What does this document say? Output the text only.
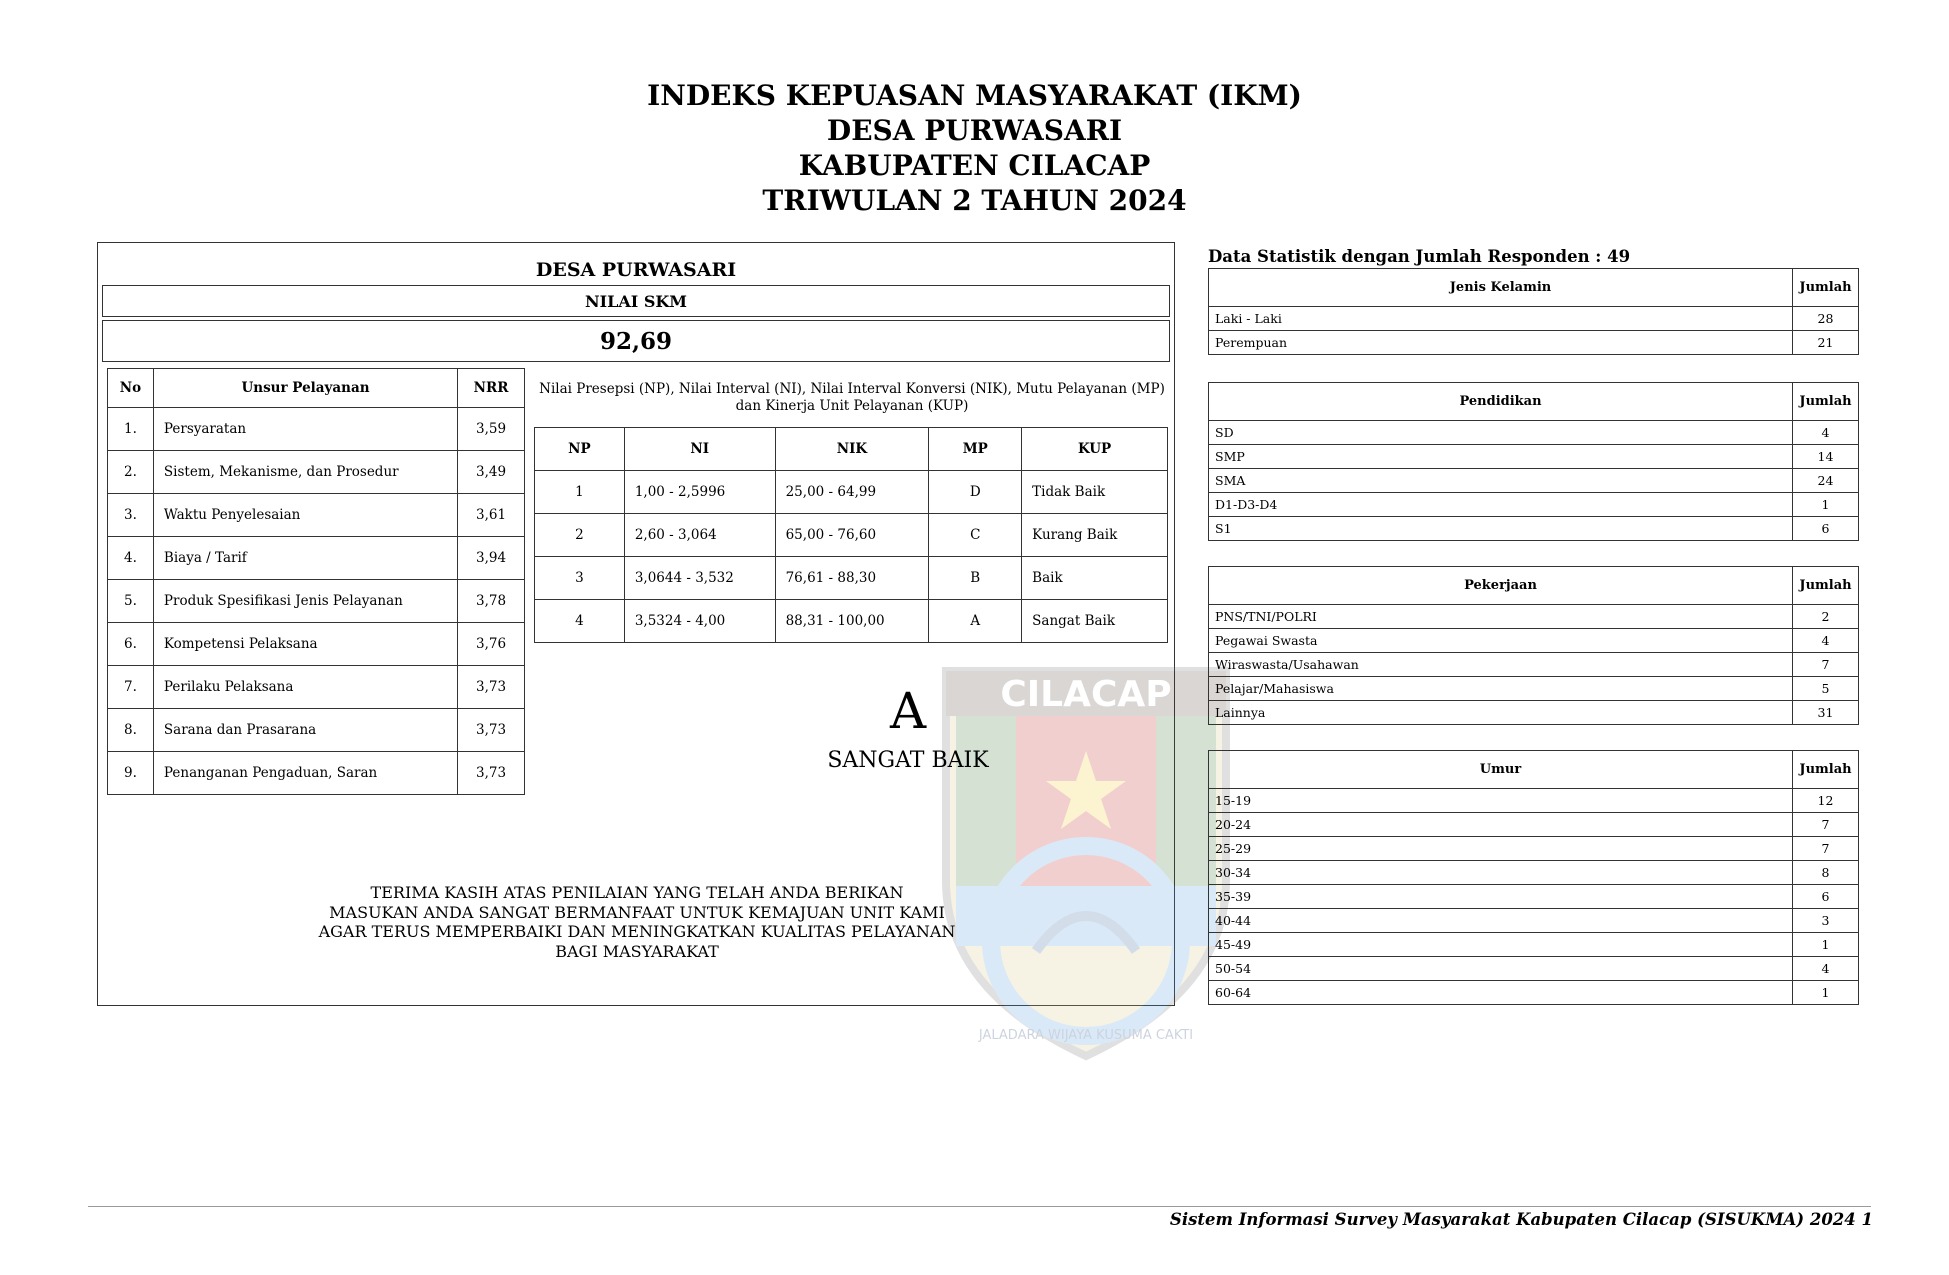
INDEKS KEPUASAN MASYARAKAT (IKM)
DESA PURWASARI
KABUPATEN CILACAP
TRIWULAN 2 TAHUN 2024
CILACAP
JALADARA WIJAYA KUSUMA CAKTI
DESA PURWASARI
NILAI SKM
92,69
No	Unsur Pelayanan	NRR
1.	Persyaratan	3,59
2.	Sistem, Mekanisme, dan Prosedur	3,49
3.	Waktu Penyelesaian	3,61
4.	Biaya / Tarif	3,94
5.	Produk Spesifikasi Jenis Pelayanan	3,78
6.	Kompetensi Pelaksana	3,76
7.	Perilaku Pelaksana	3,73
8.	Sarana dan Prasarana	3,73
9.	Penanganan Pengaduan, Saran	3,73
Nilai Presepsi (NP), Nilai Interval (NI), Nilai Interval Konversi (NIK), Mutu Pelayanan (MP)
dan Kinerja Unit Pelayanan (KUP)
NP	NI	NIK	MP	KUP
1	1,00 - 2,5996	25,00 - 64,99	D	Tidak Baik
2	2,60 - 3,064	65,00 - 76,60	C	Kurang Baik
3	3,0644 - 3,532	76,61 - 88,30	B	Baik
4	3,5324 - 4,00	88,31 - 100,00	A	Sangat Baik
A
SANGAT BAIK
TERIMA KASIH ATAS PENILAIAN YANG TELAH ANDA BERIKAN
MASUKAN ANDA SANGAT BERMANFAAT UNTUK KEMAJUAN UNIT KAMI
AGAR TERUS MEMPERBAIKI DAN MENINGKATKAN KUALITAS PELAYANAN
BAGI MASYARAKAT
Data Statistik dengan Jumlah Responden : 49
Jenis Kelamin	Jumlah
Laki - Laki	28
Perempuan	21
Pendidikan	Jumlah
SD	4
SMP	14
SMA	24
D1-D3-D4	1
S1	6
Pekerjaan	Jumlah
PNS/TNI/POLRI	2
Pegawai Swasta	4
Wiraswasta/Usahawan	7
Pelajar/Mahasiswa	5
Lainnya	31
Umur	Jumlah
15-19	12
20-24	7
25-29	7
30-34	8
35-39	6
40-44	3
45-49	1
50-54	4
60-64	1
Sistem Informasi Survey Masyarakat Kabupaten Cilacap (SISUKMA) 2024 1
